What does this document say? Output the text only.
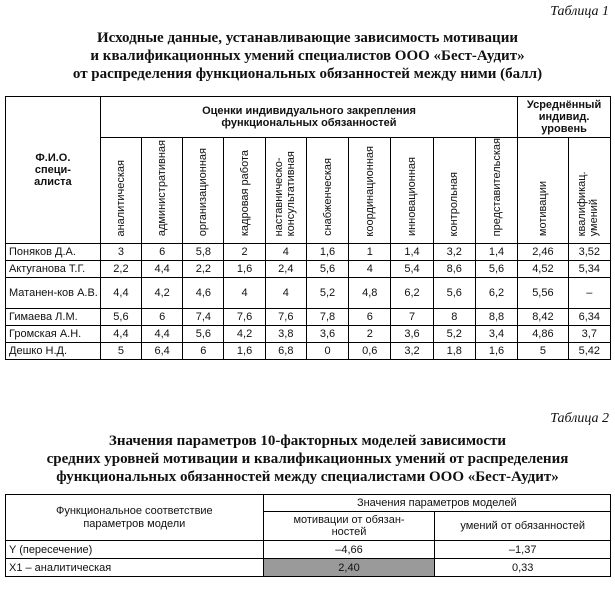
Таблица 1
Исходные данные, устанавливающие зависимость мотивации
и квалификационных умений специалистов ООО «Бест-Аудит»
от распределения функциональных обязанностей между ними (балл)
Ф.И.О. специ-алиста	Оценки индивидуального закрепления функциональных обязанностей										Усреднённый индивид. уровень	
	аналитическая	административная	организационная	кадровая работа	наставническо-консультативная	снабженческая	координационная	инновационная	контрольная	представительская	мотивации	квалификац. умений
Поняков Д.А.	3	6	5,8	2	4	1,6	1	1,4	3,2	1,4	2,46	3,52
Актуганова Т.Г.	2,2	4,4	2,2	1,6	2,4	5,6	4	5,4	8,6	5,6	4,52	5,34
Матанен-ков А.В.	4,4	4,2	4,6	4	4	5,2	4,8	6,2	5,6	6,2	5,56	–
Гимаева Л.М.	5,6	6	7,4	7,6	7,6	7,8	6	7	8	8,8	8,42	6,34
Громская А.Н.	4,4	4,4	5,6	4,2	3,8	3,6	2	3,6	5,2	3,4	4,86	3,7
Дешко Н.Д.	5	6,4	6	1,6	6,8	0	0,6	3,2	1,8	1,6	5	5,42
Таблица 2
Значения параметров 10-факторных моделей зависимости
средних уровней мотивации и квалификационных умений от распределения
функциональных обязанностей между специалистами ООО «Бест-Аудит»
Функциональное соответствие параметров модели	Значения параметров моделей	
	мотивации от обязан-ностей	умений от обязанностей
Y (пересечение)	–4,66	–1,37
X1 – аналитическая	2,40	0,33
